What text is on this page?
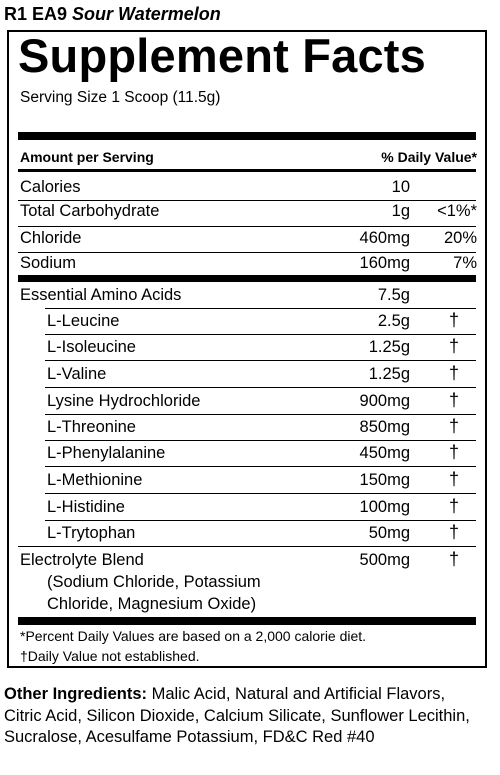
R1 EA9 Sour Watermelon
Supplement Facts
Serving Size 1 Scoop (11.5g)
Amount per Serving	% Daily Value*
Calories	10
Total Carbohydrate	1g	<1%*
Chloride	460mg	20%
Sodium	160mg	7%
Essential Amino Acids	7.5g
L-Leucine	2.5g	†
L-Isoleucine	1.25g	†
L-Valine	1.25g	†
Lysine Hydrochloride	900mg	†
L-Threonine	850mg	†
L-Phenylalanine	450mg	†
L-Methionine	150mg	†
L-Histidine	100mg	†
L-Trytophan	50mg	†
Electrolyte Blend	500mg	†
(Sodium Chloride, Potassium
Chloride, Magnesium Oxide)
*Percent Daily Values are based on a 2,000 calorie diet.
†Daily Value not established.
Other Ingredients: Malic Acid, Natural and Artificial Flavors, Citric Acid, Silicon Dioxide, Calcium Silicate, Sunflower Lecithin, Sucralose, Acesulfame Potassium, FD&C Red #40
